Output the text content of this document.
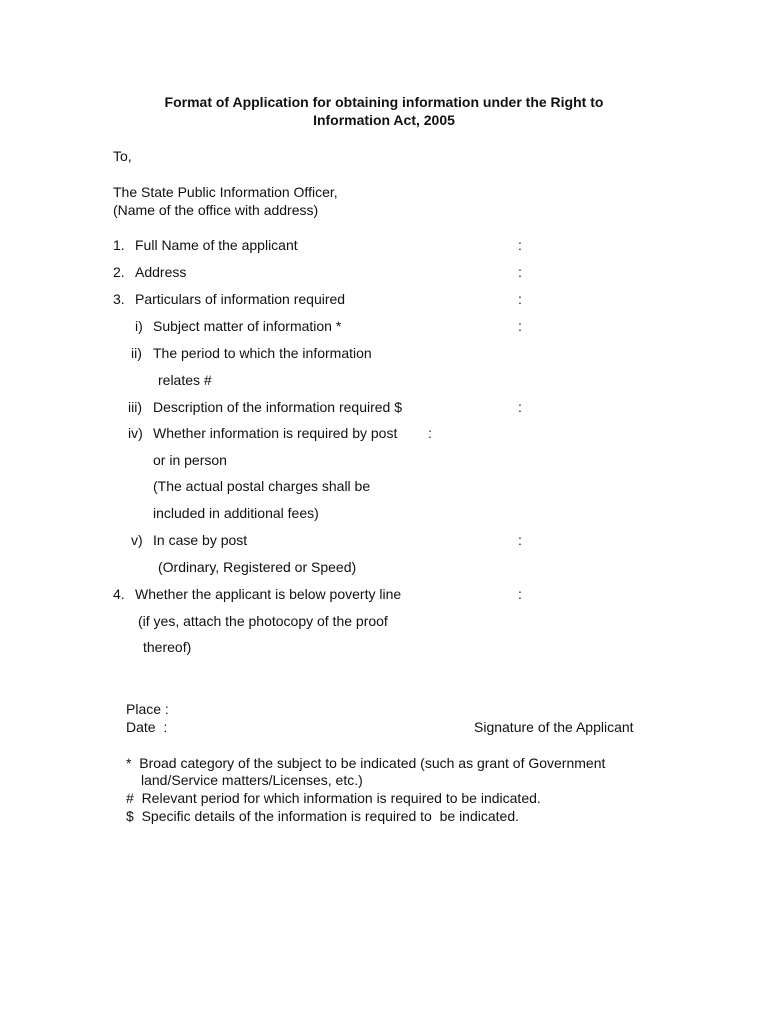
Format of Application for obtaining information under the Right to
Information Act, 2005
To,
The State Public Information Officer,
(Name of the office with address)
1. Full Name of the applicant	:
2. Address	:
3. Particulars of information required	:
i) Subject matter of information *	:
ii) The period to which the information
relates #
iii) Description of the information required $	:
iv) Whether information is required by post :
or in person
(The actual postal charges shall be
included in additional fees)
v) In case by post	:
(Ordinary, Registered or Speed)
4. Whether the applicant is below poverty line	:
(if yes, attach the photocopy of the proof
thereof)
Place :
Date  :	Signature of the Applicant
*  Broad category of the subject to be indicated (such as grant of Government
land/Service matters/Licenses, etc.)
#  Relevant period for which information is required to be indicated.
$  Specific details of the information is required to  be indicated.
